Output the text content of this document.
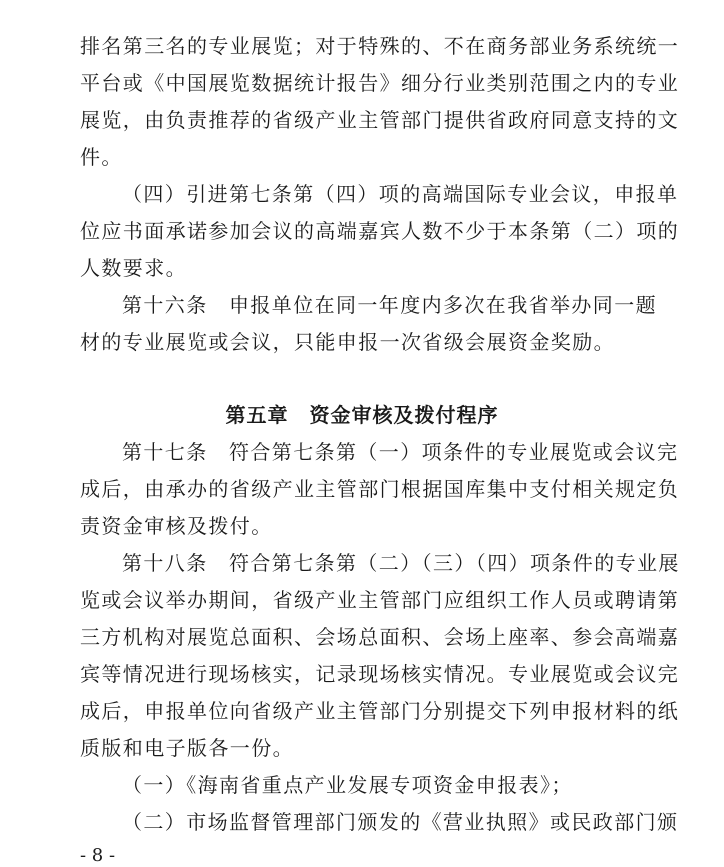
排名第三名的专业展览；对于特殊的、不在商务部业务系统统一
平台或《中国展览数据统计报告》细分行业类别范围之内的专业
展览，由负责推荐的省级产业主管部门提供省政府同意支持的文
件。
（四）引进第七条第（四）项的高端国际专业会议，申报单
位应书面承诺参加会议的高端嘉宾人数不少于本条第（二）项的
人数要求。
第十六条　申报单位在同一年度内多次在我省举办同一题
材的专业展览或会议，只能申报一次省级会展资金奖励。
第五章　资金审核及拨付程序
第十七条　符合第七条第（一）项条件的专业展览或会议完
成后，由承办的省级产业主管部门根据国库集中支付相关规定负
责资金审核及拨付。
第十八条　符合第七条第（二）（三）（四）项条件的专业展
览或会议举办期间，省级产业主管部门应组织工作人员或聘请第
三方机构对展览总面积、会场总面积、会场上座率、参会高端嘉
宾等情况进行现场核实，记录现场核实情况。专业展览或会议完
成后，申报单位向省级产业主管部门分别提交下列申报材料的纸
质版和电子版各一份。
（一）《海南省重点产业发展专项资金申报表》；
（二）市场监督管理部门颁发的《营业执照》或民政部门颁
- 8 -
